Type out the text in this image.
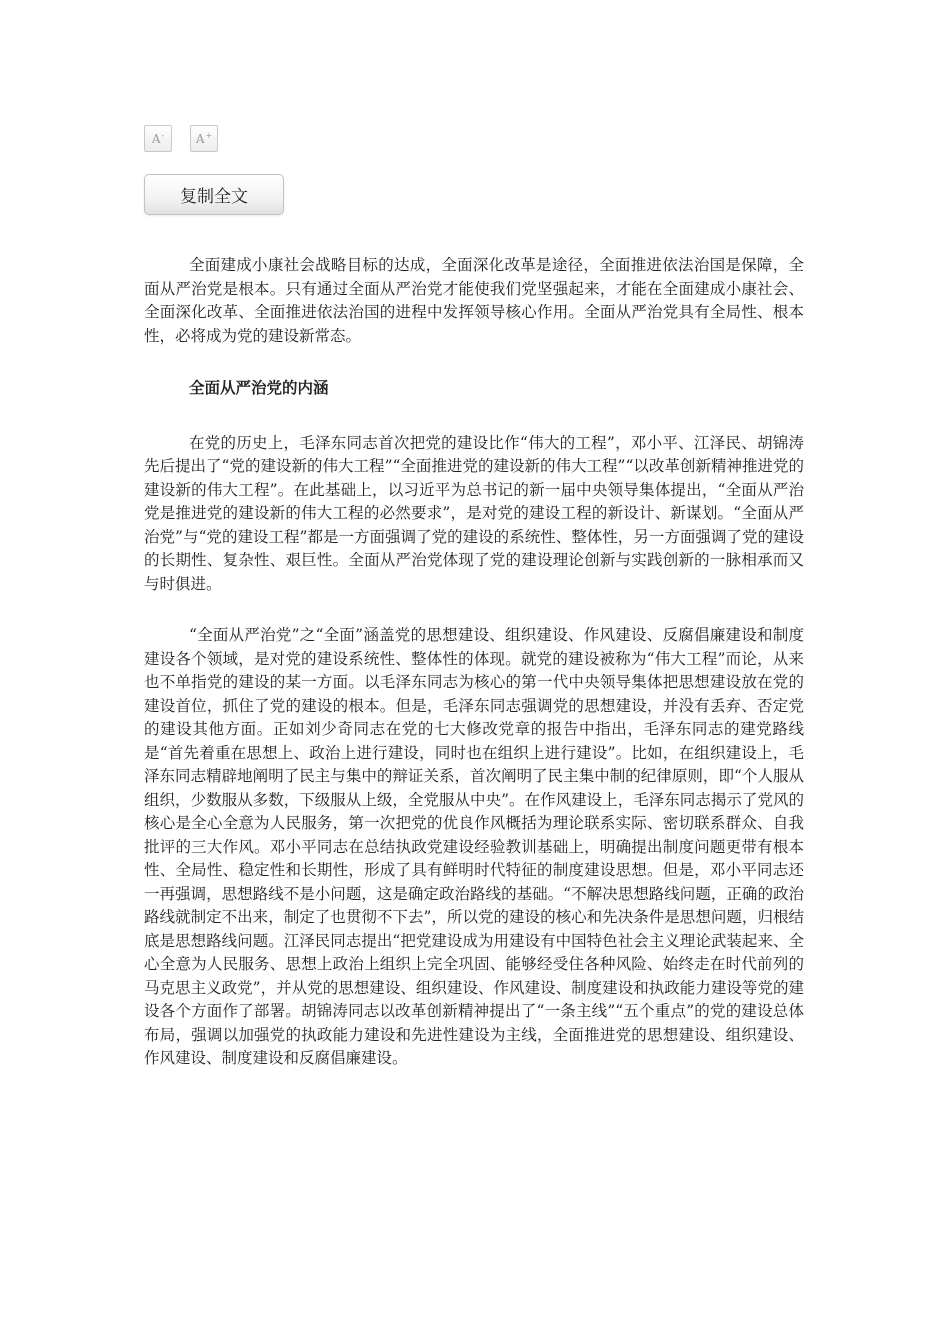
A-	A+
复制全文

全面建成小康社会战略目标的达成，全面深化改革是途径，全面推进依法治国是保障，全面从严治党是根本。只有通过全面从严治党才能使我们党坚强起来，才能在全面建成小康社会、全面深化改革、全面推进依法治国的进程中发挥领导核心作用。全面从严治党具有全局性、根本性，必将成为党的建设新常态。

全面从严治党的内涵

在党的历史上，毛泽东同志首次把党的建设比作“伟大的工程”，邓小平、江泽民、胡锦涛先后提出了“党的建设新的伟大工程”“全面推进党的建设新的伟大工程”“以改革创新精神推进党的建设新的伟大工程”。在此基础上，以习近平为总书记的新一届中央领导集体提出，“全面从严治党是推进党的建设新的伟大工程的必然要求”，是对党的建设工程的新设计、新谋划。“全面从严治党”与“党的建设工程”都是一方面强调了党的建设的系统性、整体性，另一方面强调了党的建设的长期性、复杂性、艰巨性。全面从严治党体现了党的建设理论创新与实践创新的一脉相承而又与时俱进。

“全面从严治党”之“全面”涵盖党的思想建设、组织建设、作风建设、反腐倡廉建设和制度建设各个领域，是对党的建设系统性、整体性的体现。就党的建设被称为“伟大工程”而论，从来也不单指党的建设的某一方面。以毛泽东同志为核心的第一代中央领导集体把思想建设放在党的建设首位，抓住了党的建设的根本。但是，毛泽东同志强调党的思想建设，并没有丢弃、否定党的建设其他方面。正如刘少奇同志在党的七大修改党章的报告中指出，毛泽东同志的建党路线是“首先着重在思想上、政治上进行建设，同时也在组织上进行建设”。比如，在组织建设上，毛泽东同志精辟地阐明了民主与集中的辩证关系，首次阐明了民主集中制的纪律原则，即“个人服从组织，少数服从多数，下级服从上级，全党服从中央”。在作风建设上，毛泽东同志揭示了党风的核心是全心全意为人民服务，第一次把党的优良作风概括为理论联系实际、密切联系群众、自我批评的三大作风。邓小平同志在总结执政党建设经验教训基础上，明确提出制度问题更带有根本性、全局性、稳定性和长期性，形成了具有鲜明时代特征的制度建设思想。但是，邓小平同志还一再强调，思想路线不是小问题，这是确定政治路线的基础。“不解决思想路线问题，正确的政治路线就制定不出来，制定了也贯彻不下去”，所以党的建设的核心和先决条件是思想问题，归根结底是思想路线问题。江泽民同志提出“把党建设成为用建设有中国特色社会主义理论武装起来、全心全意为人民服务、思想上政治上组织上完全巩固、能够经受住各种风险、始终走在时代前列的马克思主义政党”，并从党的思想建设、组织建设、作风建设、制度建设和执政能力建设等党的建设各个方面作了部署。胡锦涛同志以改革创新精神提出了“一条主线”“五个重点”的党的建设总体布局，强调以加强党的执政能力建设和先进性建设为主线，全面推进党的思想建设、组织建设、作风建设、制度建设和反腐倡廉建设。
